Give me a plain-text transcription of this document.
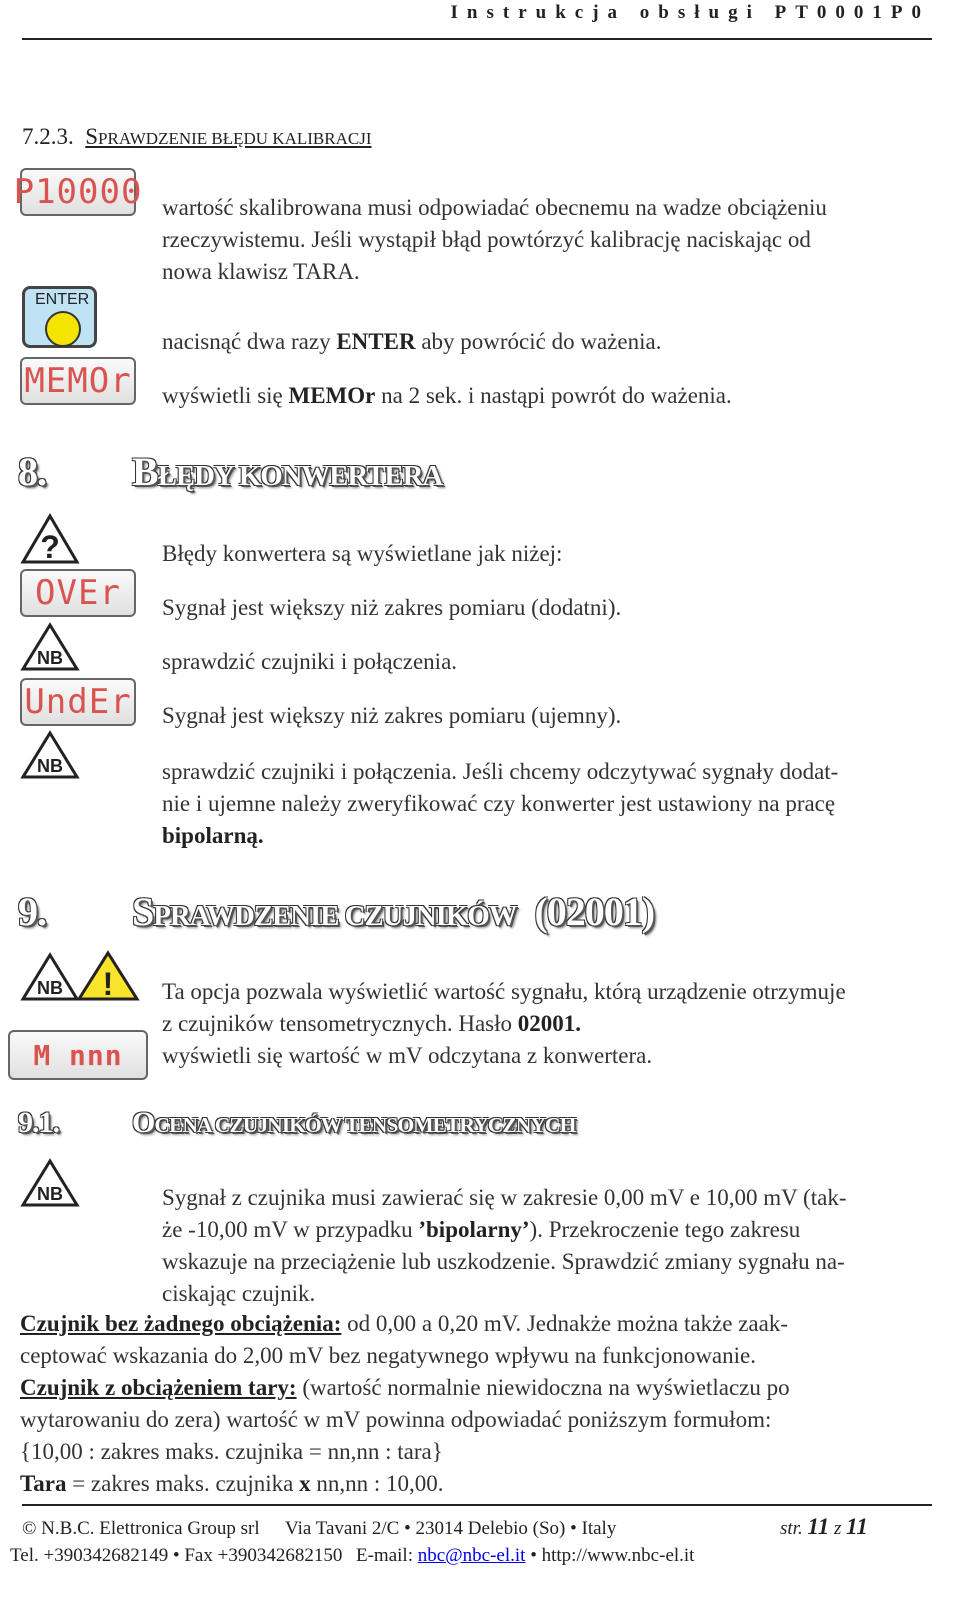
Instrukcja obsługi PT0001P0
7.2.3. SPRAWDZENIE BŁĘDU KALIBRACJI
P10000 wartość skalibrowana musi odpowiadać obecnemu na wadze obciążeniu
rzeczywistemu. Jeśli wystąpił błąd powtórzyć kalibrację naciskając od
nowa klawisz TARA.
ENTER
nacisnąć dwa razy ENTER aby powrócić do ważenia.
MEMOr wyświetli się MEMOr na 2 sek. i nastąpi powrót do ważenia.
8. BŁĘDY KONWERTERA
?
OVEr
NB
UndEr
NB
Błędy konwertera są wyświetlane jak niżej:
Sygnał jest większy niż zakres pomiaru (dodatni).
sprawdzić czujniki i połączenia.
Sygnał jest większy niż zakres pomiaru (ujemny).
sprawdzić czujniki i połączenia. Jeśli chcemy odczytywać sygnały dodat-
nie i ujemne należy zweryfikować czy konwerter jest ustawiony na pracę
bipolarną.
9. SPRAWDZENIE CZUJNIKÓW (02001)
NB !
M nnn
Ta opcja pozwala wyświetlić wartość sygnału, którą urządzenie otrzymuje
z czujników tensometrycznych. Hasło 02001.
wyświetli się wartość w mV odczytana z konwertera.
9.1. OCENA CZUJNIKÓW TENSOMETRYCZNYCH
NB	Sygnał z czujnika musi zawierać się w zakresie 0,00 mV e 10,00 mV (tak-
że -10,00 mV w przypadku ’bipolarny’). Przekroczenie tego zakresu
wskazuje na przeciążenie lub uszkodzenie. Sprawdzić zmiany sygnału na-
ciskając czujnik.
Czujnik bez żadnego obciążenia: od 0,00 a 0,20 mV. Jednakże można także zaak-
ceptować wskazania do 2,00 mV bez negatywnego wpływu na funkcjonowanie.
Czujnik z obciążeniem tary: (wartość normalnie niewidoczna na wyświetlaczu po
wytarowaniu do zera) wartość w mV powinna odpowiadać poniższym formułom:
{10,00 : zakres maks. czujnika = nn,nn : tara}
Tara = zakres maks. czujnika x nn,nn : 10,00.
© N.B.C. Elettronica Group srl Via Tavani 2/C • 23014 Delebio (So) • Italy	str. 11 z 11
Tel. +390342682149 • Fax +390342682150 E-mail: nbc@nbc-el.it • http://www.nbc-el.it
